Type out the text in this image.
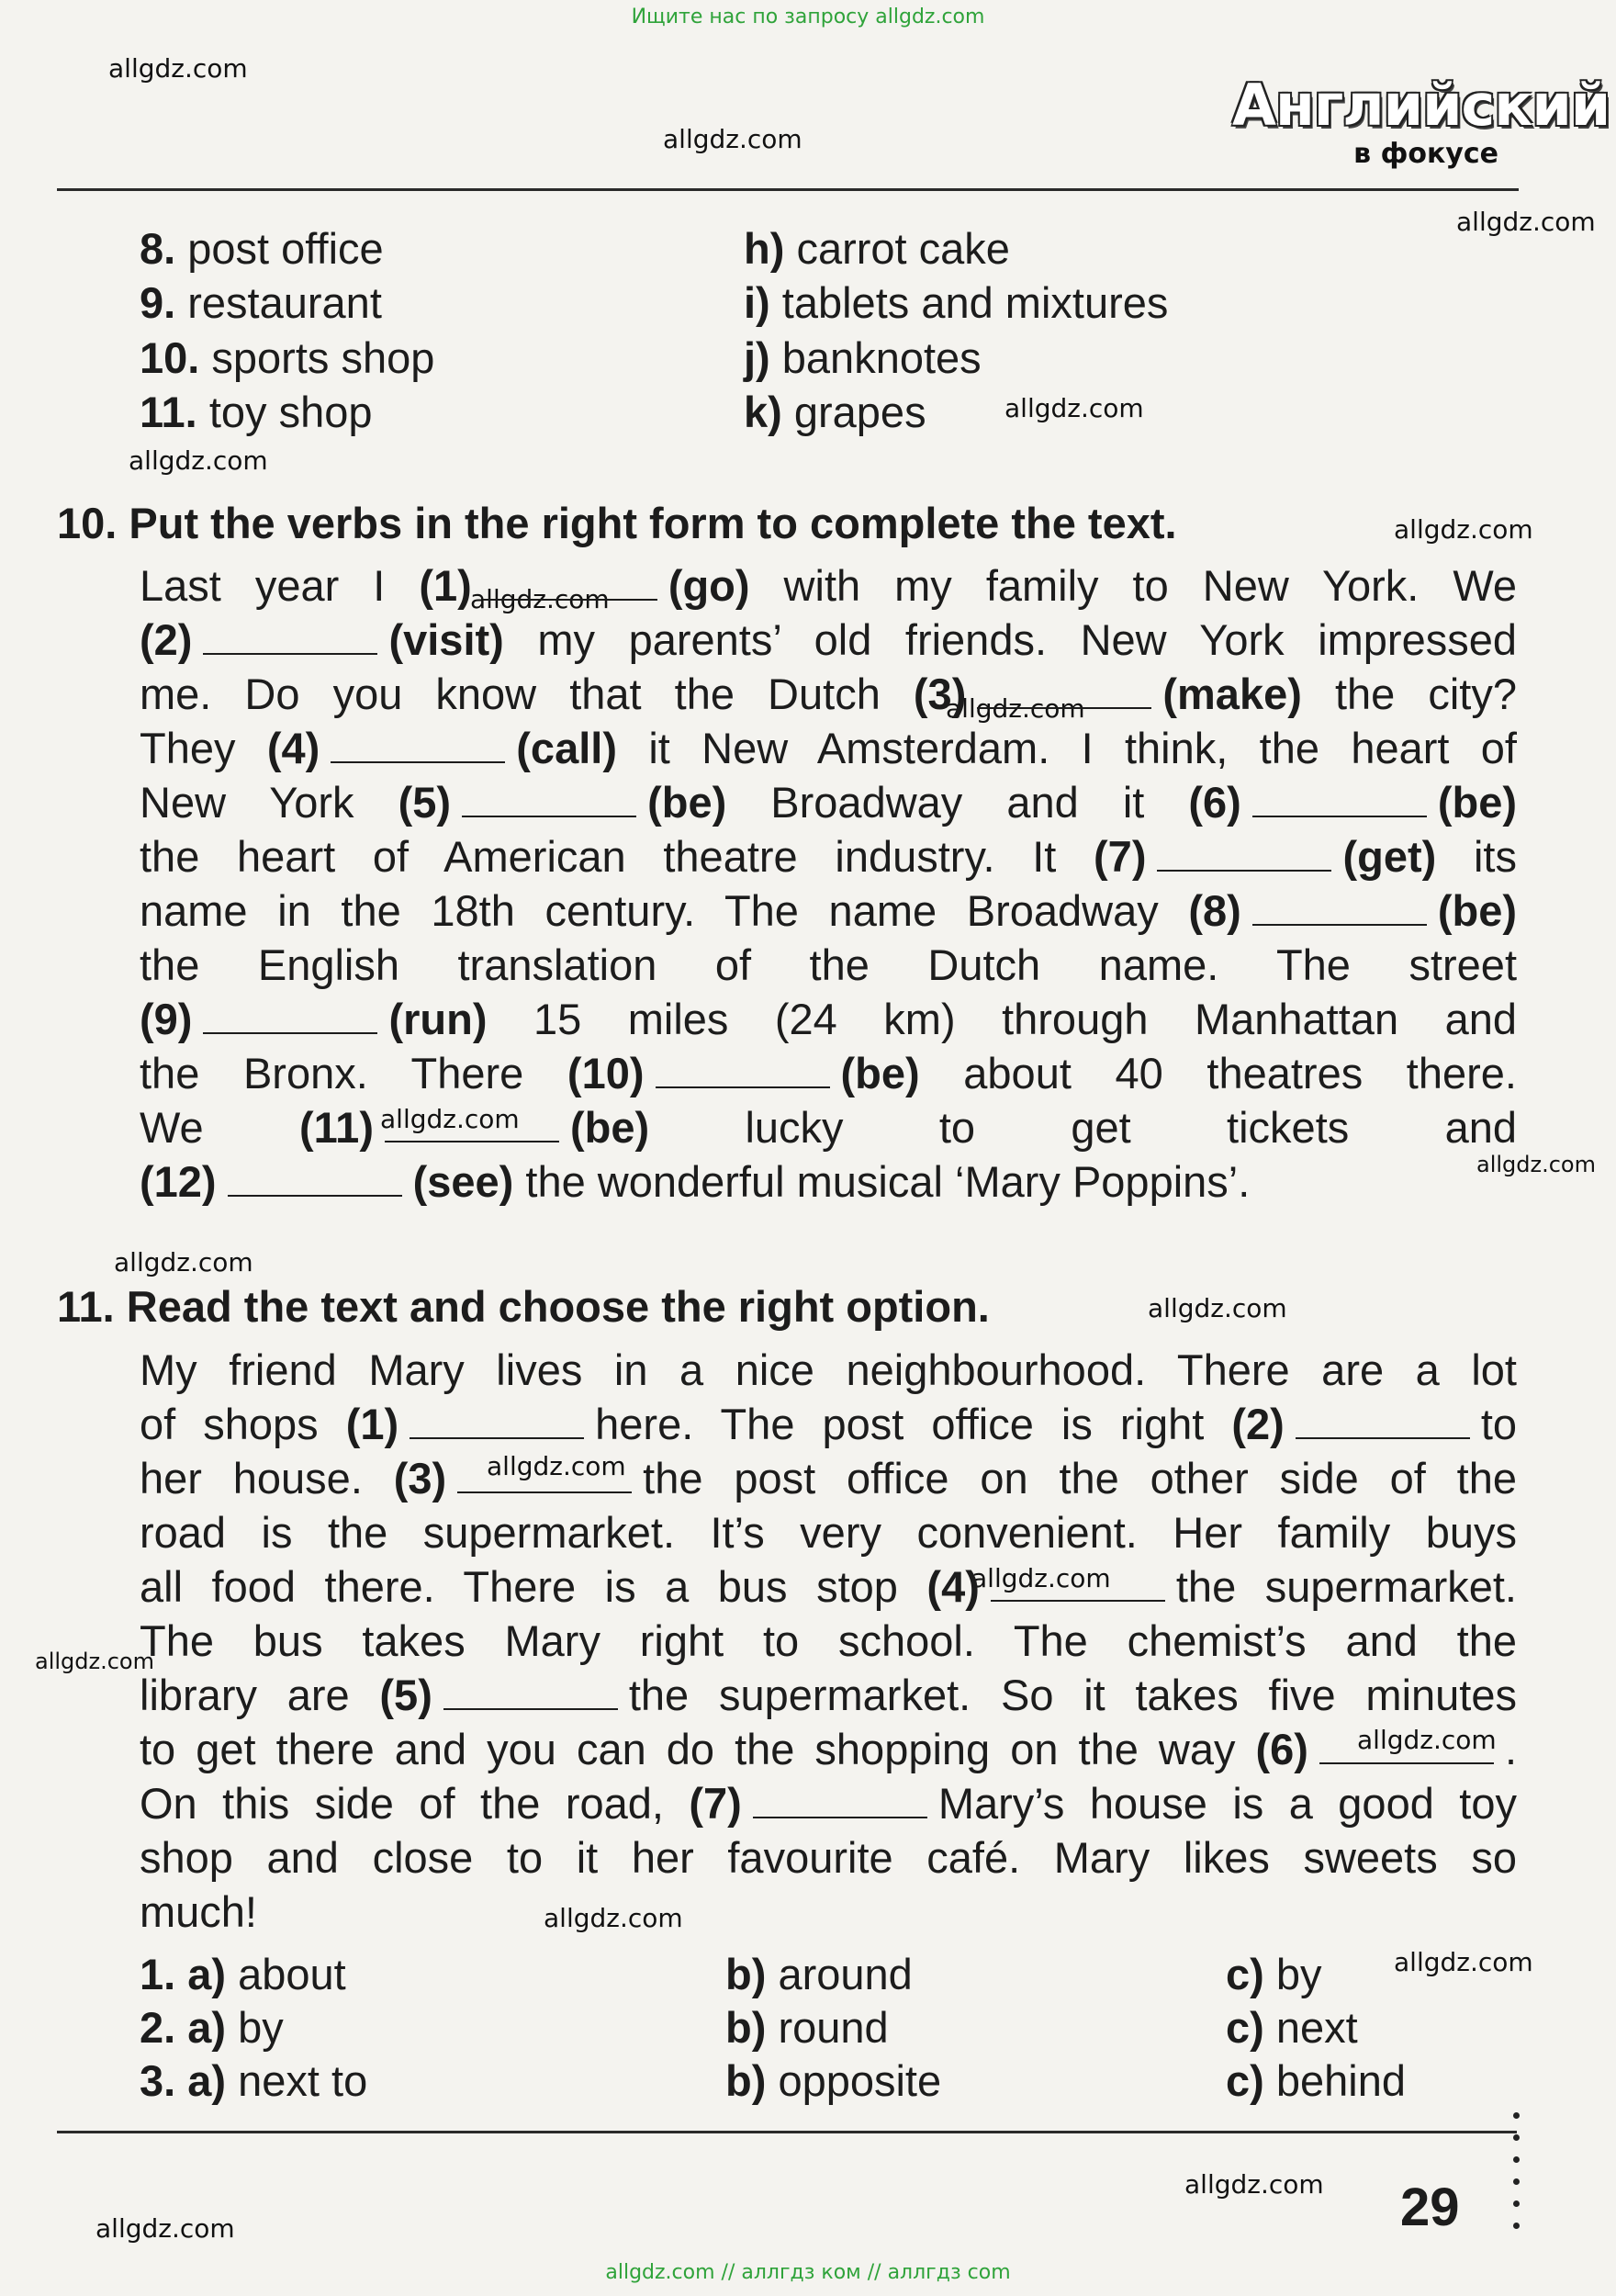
Ищите нас по запросу allgdz.com
allgdz.com // аллгдз ком // аллгдз com
allgdz.com
allgdz.com
allgdz.com
allgdz.com
allgdz.com
allgdz.com
allgdz.com
allgdz.com
allgdz.com
allgdz.com
allgdz.com
allgdz.com
allgdz.com
allgdz.com
allgdz.com
allgdz.com
allgdz.com
allgdz.com
allgdz.com
allgdz.com
Английский
в фокусе
8. post office	h) carrot cake
9. restaurant	i) tablets and mixtures
10. sports shop	j) banknotes
11. toy shop	k) grapes
10. Put the verbs in the right form to complete the text.
Last year I (1)	(go) with my family to New York. We
(2)	(visit) my parents’ old friends. New York impressed
me. Do you know that the Dutch (3)	(make) the city?
They (4)	(call) it New Amsterdam. I think, the heart of
New York (5)	(be) Broadway and it (6)	(be)
the heart of American theatre industry. It (7)	(get) its
name in the 18th century. The name Broadway (8)	(be)
the English translation of the Dutch name. The street
(9)	(run) 15 miles (24 km) through Manhattan and
the Bronx. There (10)	(be) about 40 theatres there.
We (11)	(be) lucky to get tickets and
(12)	(see) the wonderful musical ‘Mary Poppins’.
11. Read the text and choose the right option.
My friend Mary lives in a nice neighbourhood. There are a lot
of shops (1)	here. The post office is right (2)	to
her house. (3)	the post office on the other side of the
road is the supermarket. It’s very convenient. Her family buys
all food there. There is a bus stop (4)	the supermarket.
The bus takes Mary right to school. The chemist’s and the
library are (5)	the supermarket. So it takes five minutes
to get there and you can do the shopping on the way (6)	.
On this side of the road, (7)	Mary’s house is a good toy
shop and close to it her favourite café. Mary likes sweets so
much!
1. a) about	b) around	c) by
2. a) by	b) round	c) next
3. a) next to	b) opposite	c) behind
29
